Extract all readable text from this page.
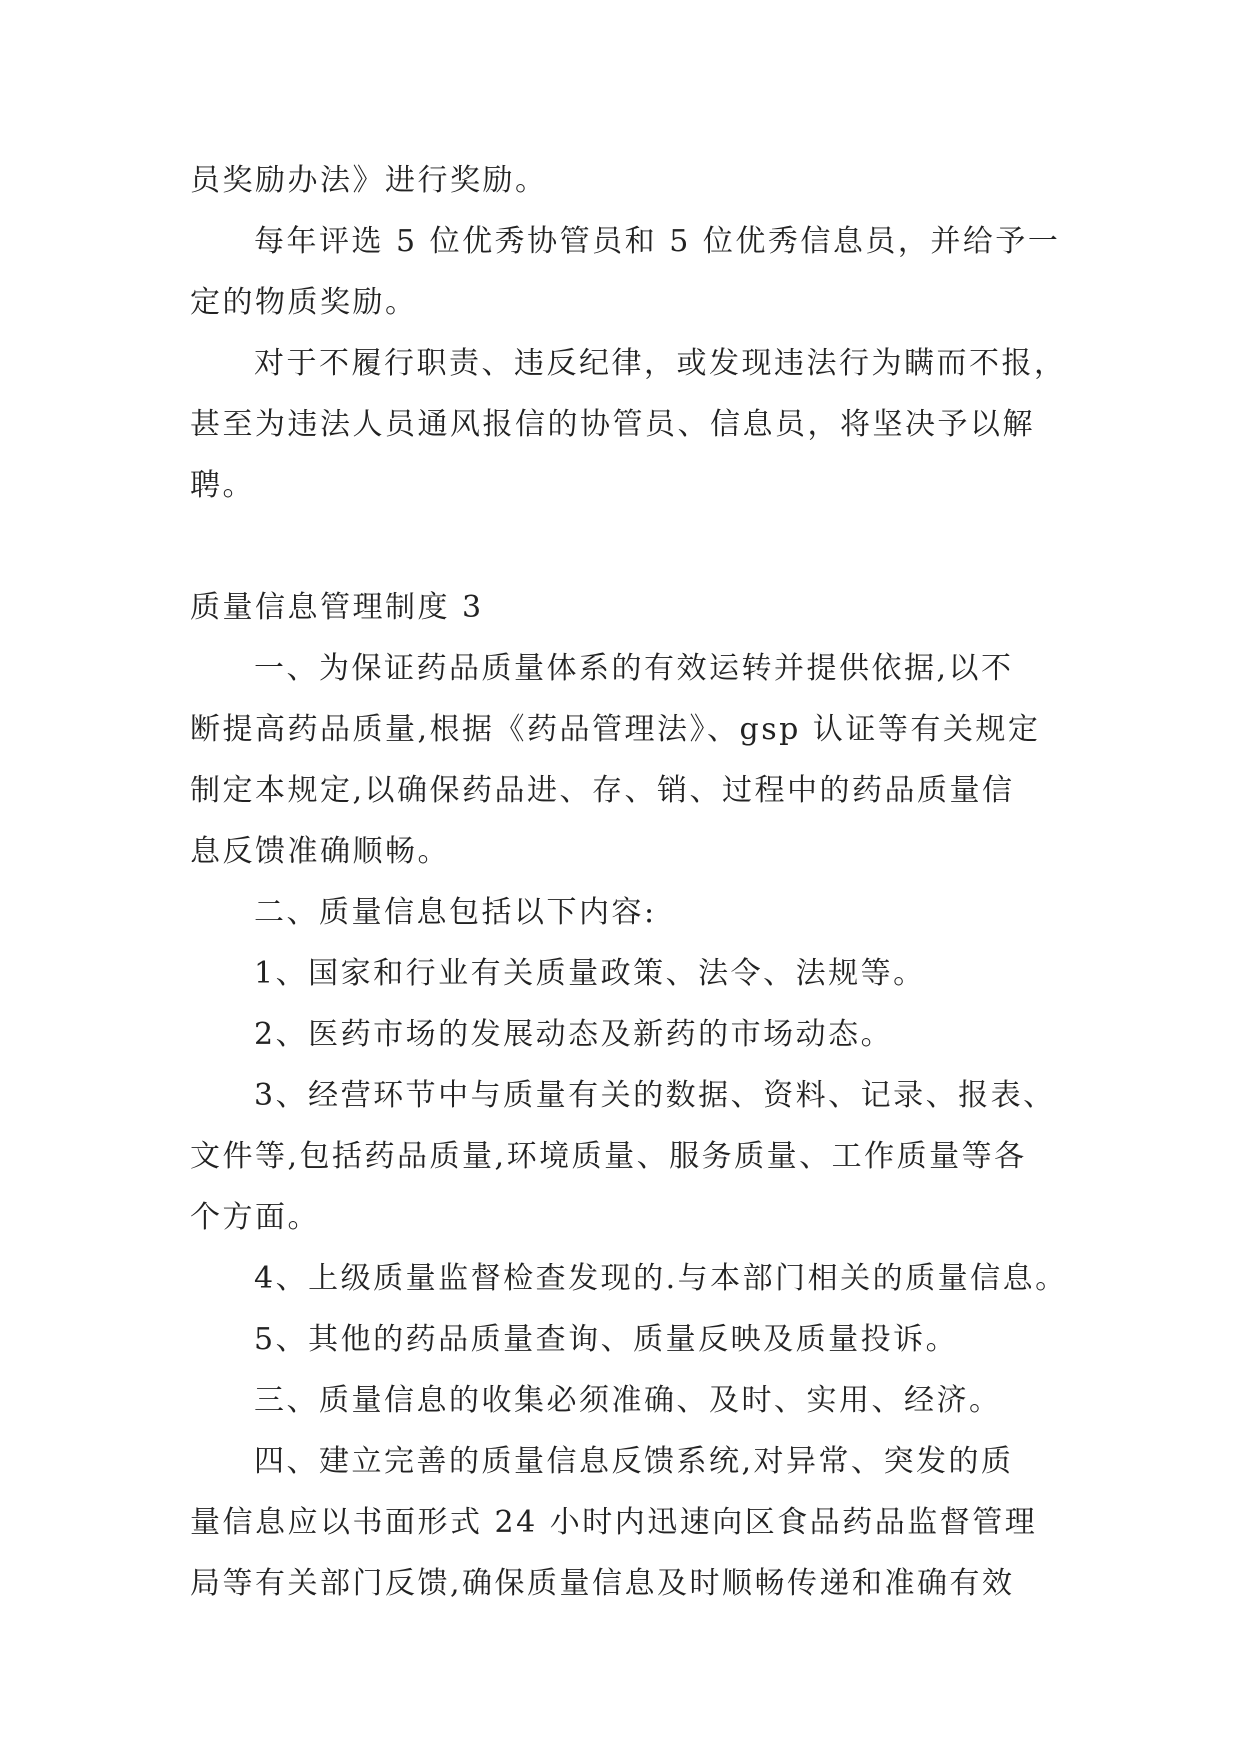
员奖励办法》进行奖励。
每年评选 5 位优秀协管员和 5 位优秀信息员，并给予一
定的物质奖励。
对于不履行职责、违反纪律，或发现违法行为瞒而不报，
甚至为违法人员通风报信的协管员、信息员，将坚决予以解
聘。
质量信息管理制度 3
一、为保证药品质量体系的有效运转并提供依据,以不
断提高药品质量,根据《药品管理法》、gsp 认证等有关规定
制定本规定,以确保药品进、存、销、过程中的药品质量信
息反馈准确顺畅。
二、质量信息包括以下内容:
1、国家和行业有关质量政策、法令、法规等。
2、医药市场的发展动态及新药的市场动态。
3、经营环节中与质量有关的数据、资料、记录、报表、
文件等,包括药品质量,环境质量、服务质量、工作质量等各
个方面。
4、上级质量监督检查发现的.与本部门相关的质量信息。
5、其他的药品质量查询、质量反映及质量投诉。
三、质量信息的收集必须准确、及时、实用、经济。
四、建立完善的质量信息反馈系统,对异常、突发的质
量信息应以书面形式 24 小时内迅速向区食品药品监督管理
局等有关部门反馈,确保质量信息及时顺畅传递和准确有效
